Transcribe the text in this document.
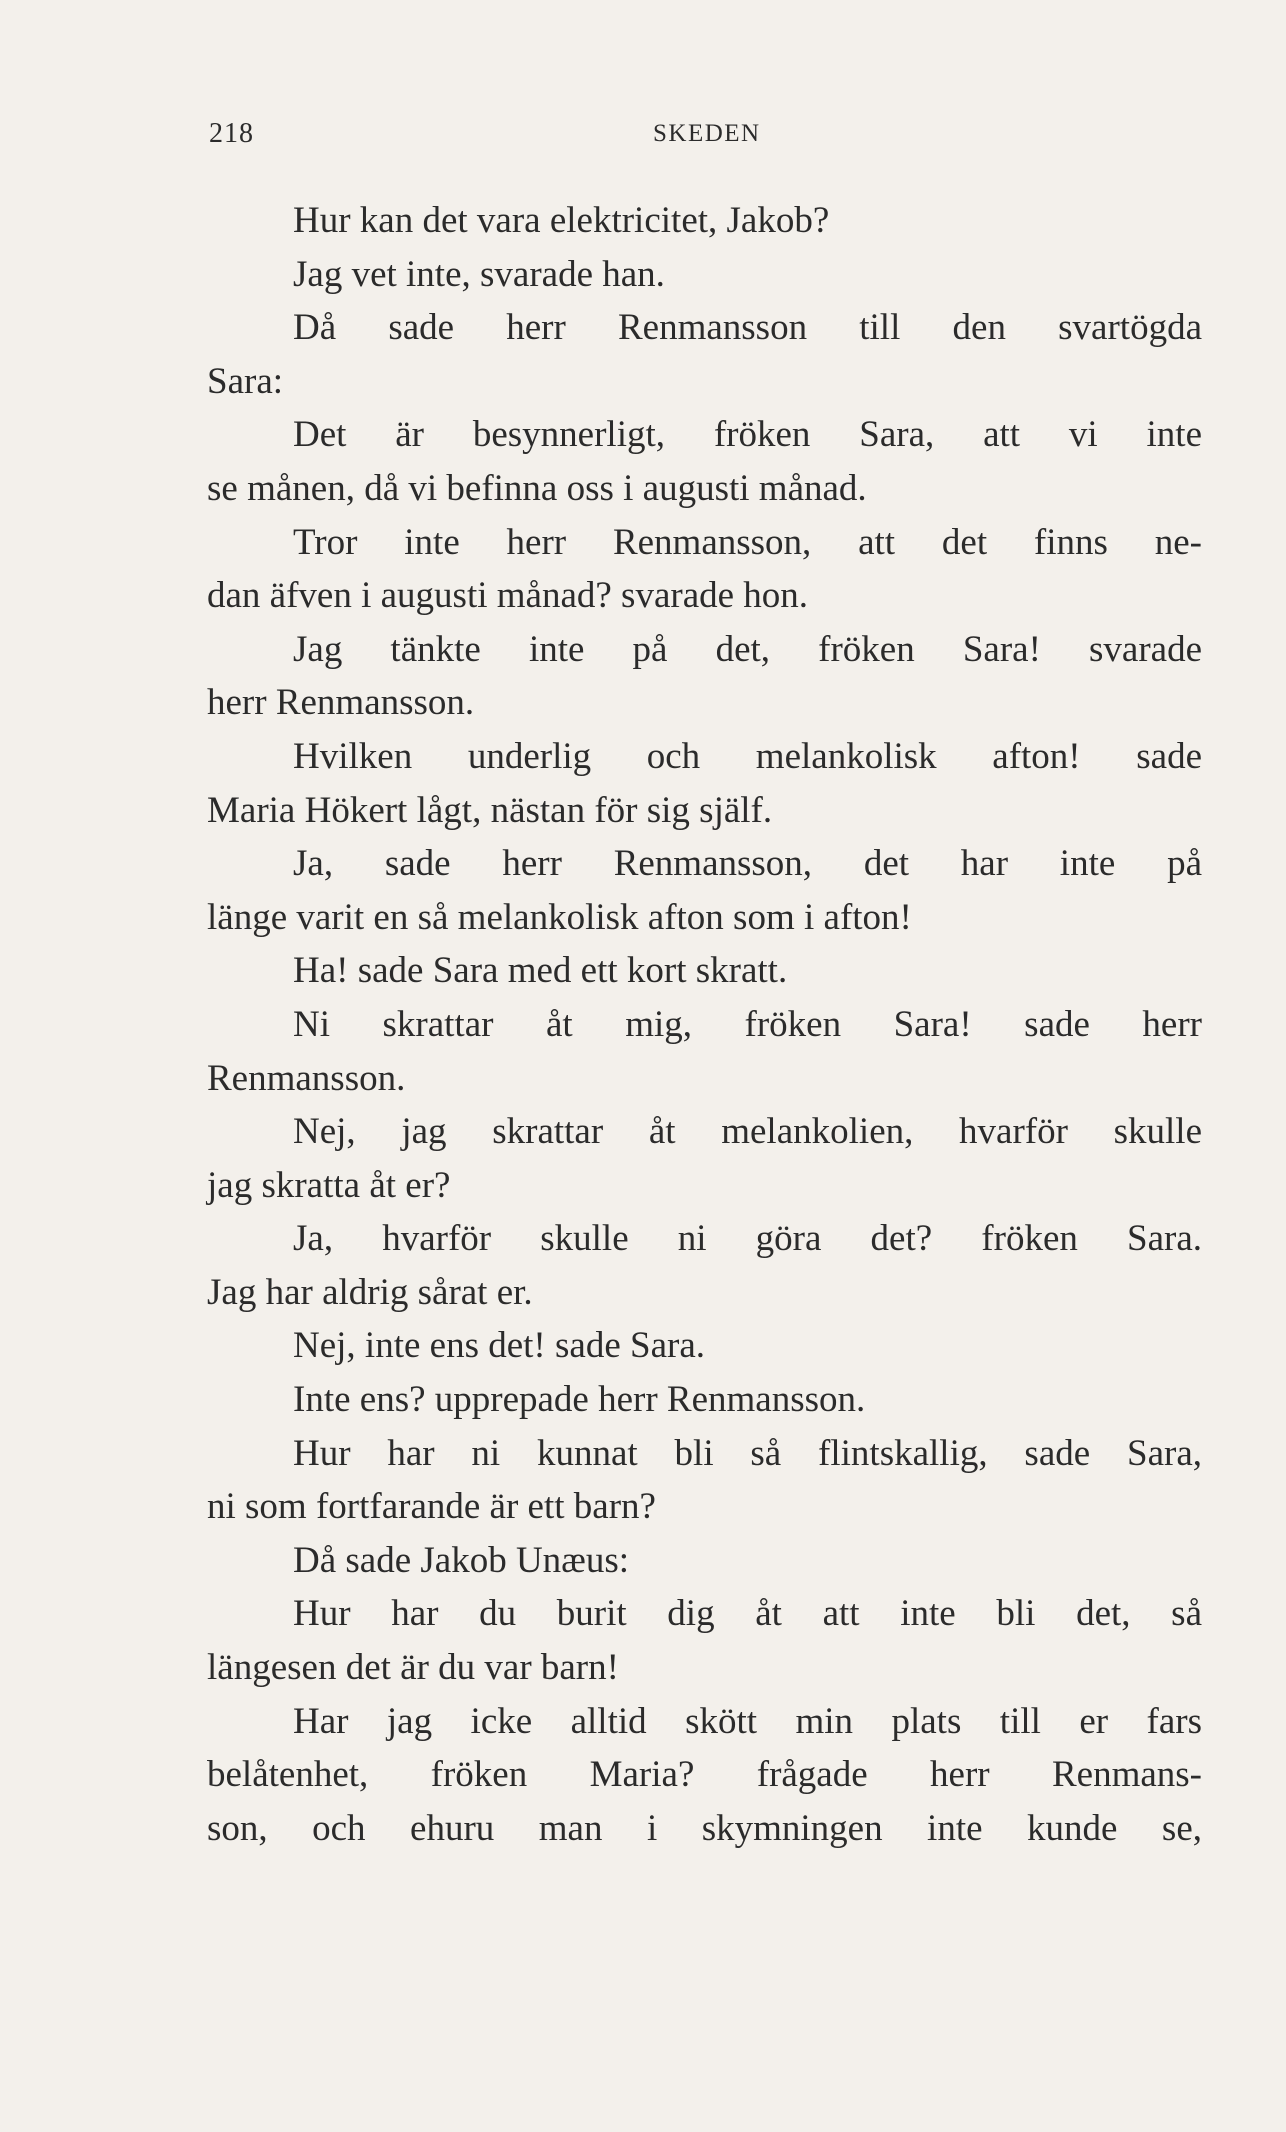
218	SKEDEN
Hur kan det vara elektricitet, Jakob?
Jag vet inte, svarade han.
Då sade herr Renmansson till den svartögda
Sara:
Det är besynnerligt, fröken Sara, att vi inte
se månen, då vi befinna oss i augusti månad.
Tror inte herr Renmansson, att det finns ne-
dan äfven i augusti månad? svarade hon.
Jag tänkte inte på det, fröken Sara! svarade
herr Renmansson.
Hvilken underlig och melankolisk afton! sade
Maria Hökert lågt, nästan för sig själf.
Ja, sade herr Renmansson, det har inte på
länge varit en så melankolisk afton som i afton!
Ha! sade Sara med ett kort skratt.
Ni skrattar åt mig, fröken Sara! sade herr
Renmansson.
Nej, jag skrattar åt melankolien, hvarför skulle
jag skratta åt er?
Ja, hvarför skulle ni göra det? fröken Sara.
Jag har aldrig sårat er.
Nej, inte ens det! sade Sara.
Inte ens? upprepade herr Renmansson.
Hur har ni kunnat bli så flintskallig, sade Sara,
ni som fortfarande är ett barn?
Då sade Jakob Unæus:
Hur har du burit dig åt att inte bli det, så
längesen det är du var barn!
Har jag icke alltid skött min plats till er fars
belåtenhet, fröken Maria? frågade herr Renmans-
son, och ehuru man i skymningen inte kunde se,
